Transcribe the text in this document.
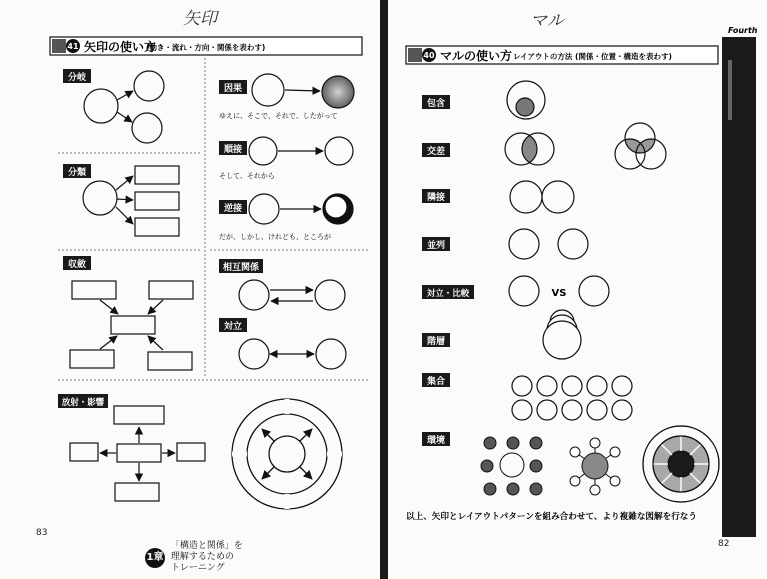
矢印
41 矢印の使い方
(動き・流れ・方向・関係を表わす)
分岐
分類
収斂
放射・影響
因果
ゆえに、そこで、それで、したがって
順接
そして、それから
逆接
だが、しかし、けれども、ところが
相互関係
対立
83
1章 「構造と関係」を
理解するための
トレーニング
マル	Fourth
40 マルの使い方 レイアウトの方法 (関係・位置・構造を表わす)
包含
交差
隣接
並列
対立・比較
階層
集合
環境
VS
以上、矢印とレイアウトパターンを組み合わせて、より複雑な図解を行なう
82
